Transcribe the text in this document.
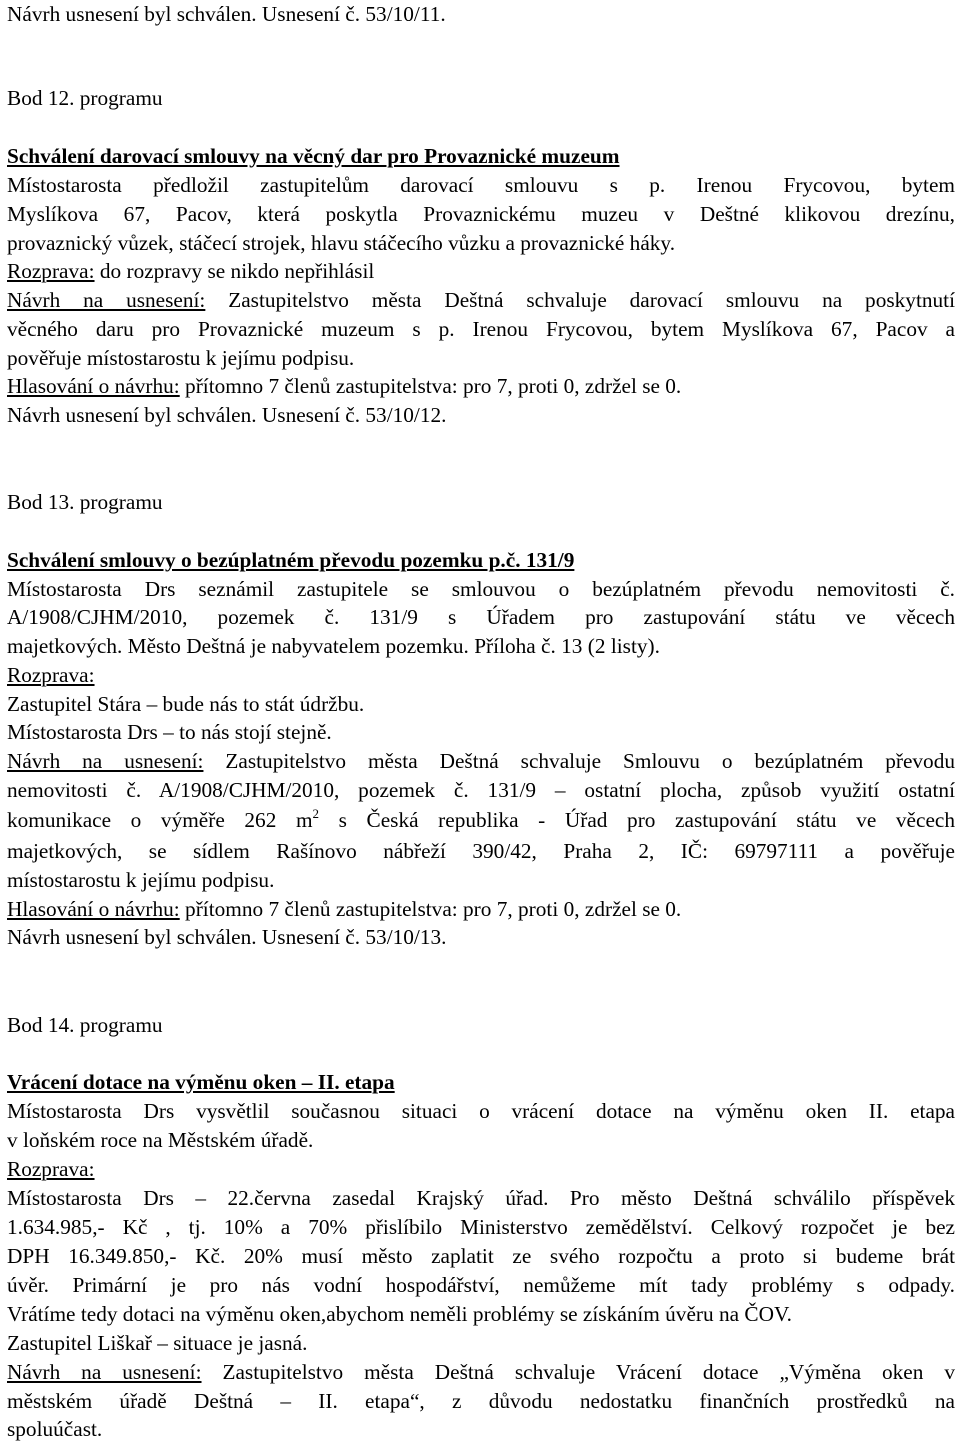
Návrh usnesení byl schválen. Usnesení č. 53/10/11.
Bod 12. programu
Schválení darovací smlouvy na věcný dar pro Provaznické muzeum
Místostarosta předložil zastupitelům darovací smlouvu s p. Irenou Frycovou, bytem
Myslíkova 67, Pacov, která poskytla Provaznickému muzeu v Deštné klikovou drezínu,
provaznický vůzek, stáčecí strojek, hlavu stáčecího vůzku a provaznické háky.
Rozprava: do rozpravy se nikdo nepřihlásil
Návrh na usnesení: Zastupitelstvo města Deštná schvaluje darovací smlouvu na poskytnutí
věcného daru pro Provaznické muzeum s p. Irenou Frycovou, bytem Myslíkova 67, Pacov a
pověřuje místostarostu k jejímu podpisu.
Hlasování o návrhu: přítomno 7 členů zastupitelstva: pro 7, proti 0, zdržel se 0.
Návrh usnesení byl schválen. Usnesení č. 53/10/12.
Bod 13. programu
Schválení smlouvy o bezúplatném převodu pozemku p.č. 131/9
Místostarosta Drs seznámil zastupitele se smlouvou o bezúplatném převodu nemovitosti č.
A/1908/CJHM/2010, pozemek č. 131/9 s Úřadem pro zastupování státu ve věcech
majetkových. Město Deštná je nabyvatelem pozemku. Příloha č. 13 (2 listy).
Rozprava:
Zastupitel Stára – bude nás to stát údržbu.
Místostarosta Drs – to nás stojí stejně.
Návrh na usnesení: Zastupitelstvo města Deštná schvaluje Smlouvu o bezúplatném převodu
nemovitosti č. A/1908/CJHM/2010, pozemek č. 131/9 – ostatní plocha, způsob využití ostatní
komunikace o výměře 262 $m^2$ s Česká republika - Úřad pro zastupování státu ve věcech
majetkových, se sídlem Rašínovo nábřeží 390/42, Praha 2, IČ: 69797111 a pověřuje
místostarostu k jejímu podpisu.
Hlasování o návrhu: přítomno 7 členů zastupitelstva: pro 7, proti 0, zdržel se 0.
Návrh usnesení byl schválen. Usnesení č. 53/10/13.
Bod 14. programu
Vrácení dotace na výměnu oken – II. etapa
Místostarosta Drs vysvětlil současnou situaci o vrácení dotace na výměnu oken II. etapa
v loňském roce na Městském úřadě.
Rozprava:
Místostarosta Drs – 22.června zasedal Krajský úřad. Pro město Deštná schválilo příspěvek
1.634.985,- Kč , tj. 10% a 70% přislíbilo Ministerstvo zemědělství. Celkový rozpočet je bez
DPH 16.349.850,- Kč. 20% musí město zaplatit ze svého rozpočtu a proto si budeme brát
úvěr. Primární je pro nás vodní hospodářství, nemůžeme mít tady problémy s odpady.
Vrátíme tedy dotaci na výměnu oken,abychom neměli problémy se získáním úvěru na ČOV.
Zastupitel Liškař – situace je jasná.
Návrh na usnesení: Zastupitelstvo města Deštná schvaluje Vrácení dotace „Výměna oken v
městském úřadě Deštná – II. etapa“, z důvodu nedostatku finančních prostředků na
spoluúčast.
